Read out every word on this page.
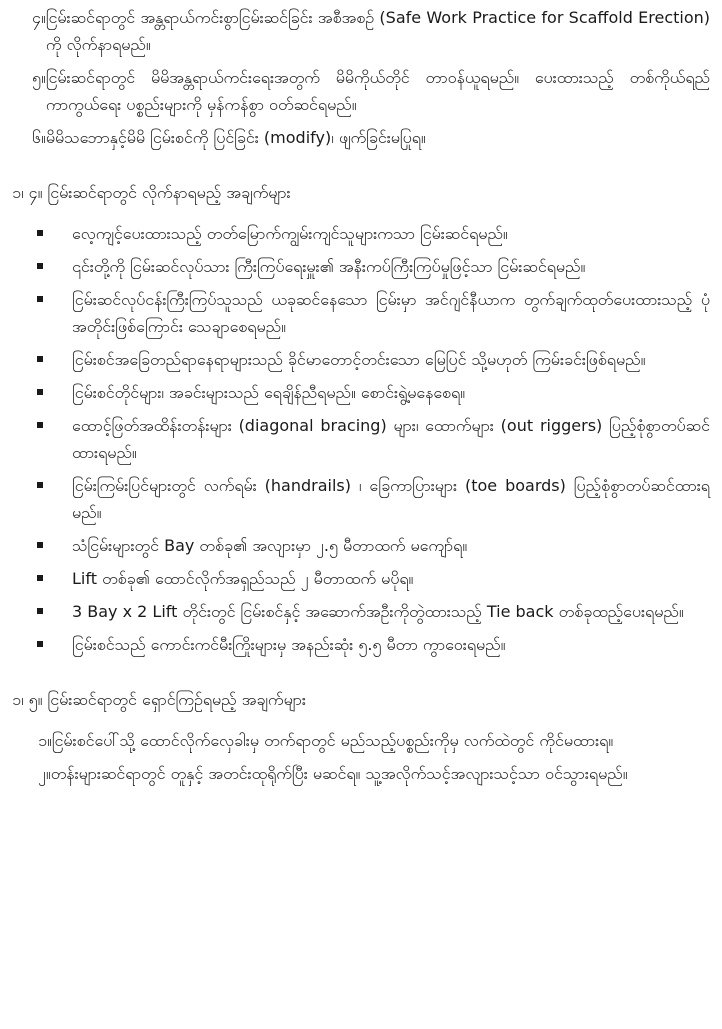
၄။ ငြမ်းဆင်ရာတွင် အန္တရာယ်ကင်းစွာငြမ်းဆင်ခြင်း အစီအစဉ် (Safe Work Practice for Scaffold Erection) ကို လိုက်နာရမည်။
၅။ ငြမ်းဆင်ရာတွင် မိမိအန္တရာယ်ကင်းရေးအတွက် မိမိကိုယ်တိုင် တာဝန်ယူရမည်။ ပေးထားသည့် တစ်ကိုယ်ရည် ကာကွယ်ရေး ပစ္စည်းများကို မှန်ကန်စွာ ဝတ်ဆင်ရမည်။
၆။ မိမိသဘောနှင့်မိမိ ငြမ်းစင်ကို ပြင်ခြင်း (modify)၊ ဖျက်ခြင်းမပြုရ။
၁၊ ၄။ ငြမ်းဆင်ရာတွင် လိုက်နာရမည့် အချက်များ
လေ့ကျင့်ပေးထားသည့် တတ်မြောက်ကျွမ်းကျင်သူများကသာ ငြမ်းဆင်ရမည်။
၎င်းတို့ကို ငြမ်းဆင်လုပ်သား ကြီးကြပ်ရေးမှူး၏ အနီးကပ်ကြီးကြပ်မှုဖြင့်သာ ငြမ်းဆင်ရမည်။
ငြမ်းဆင်လုပ်ငန်းကြီးကြပ်သူသည် ယခုဆင်နေသော ငြမ်းမှာ အင်ဂျင်နီယာက တွက်ချက်ထုတ်ပေးထားသည့် ပုံအတိုင်းဖြစ်ကြောင်း သေချာစေရမည်။
ငြမ်းစင်အခြေတည်ရာနေရာများသည် ခိုင်မာတောင့်တင်းသော မြေပြင် သို့မဟုတ် ကြမ်းခင်းဖြစ်ရမည်။
ငြမ်းစင်တိုင်များ၊ အခင်းများသည် ရေချိန်ညီရမည်။ စောင်းရွဲ့မနေစေရ။
ထောင့်ဖြတ်အထိန်းတန်းများ (diagonal bracing) များ၊ ထောက်များ (out riggers) ပြည့်စုံစွာတပ်ဆင်ထားရမည်။
ငြမ်းကြမ်းပြင်များတွင် လက်ရမ်း (handrails) ၊ ခြေကာပြားများ (toe boards) ပြည့်စုံစွာတပ်ဆင်ထားရမည်။
သံငြမ်းများတွင် Bay တစ်ခု၏ အလျားမှာ ၂.၅ မီတာထက် မကျော်ရ။
Lift တစ်ခု၏ ထောင်လိုက်အရှည်သည် ၂ မီတာထက် မပိုရ။
3 Bay x 2 Lift တိုင်းတွင် ငြမ်းစင်နှင့် အဆောက်အဦးကိုတွဲထားသည့် Tie back တစ်ခုထည့်ပေးရမည်။
ငြမ်းစင်သည် ကောင်းကင်မီးကြိုးများမှ အနည်းဆုံး ၅.၅ မီတာ ကွာဝေးရမည်။
၁၊ ၅။ ငြမ်းဆင်ရာတွင် ရှောင်ကြဉ်ရမည့် အချက်များ
၁။ ငြမ်းစင်ပေါ်သို့ ထောင်လိုက်လှေခါးမှ တက်ရာတွင် မည်သည့်ပစ္စည်းကိုမှ လက်ထဲတွင် ကိုင်မထားရ။
၂။ တန်းများဆင်ရာတွင် တူနှင့် အတင်းထုရိုက်ပြီး မဆင်ရ။ သူ့အလိုက်သင့်အလျားသင့်သာ ဝင်သွားရမည်။
